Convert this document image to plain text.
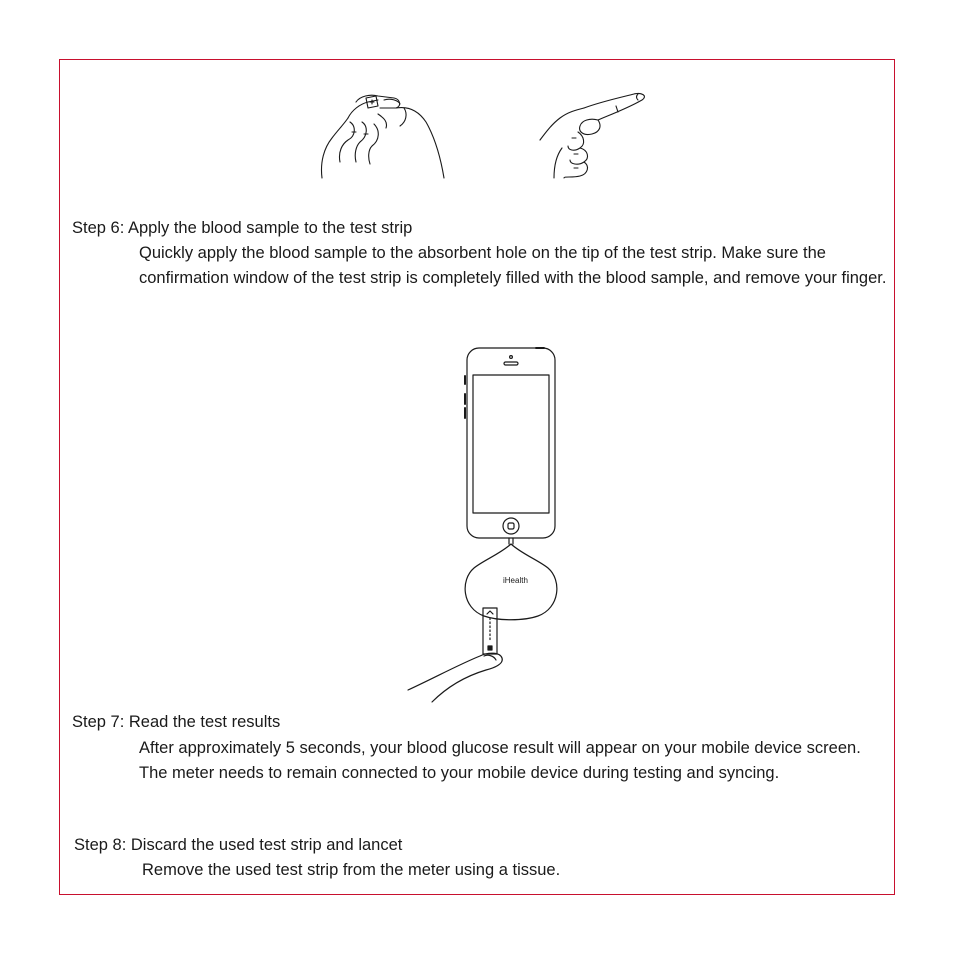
Step 6: Apply the blood sample to the test strip
Quickly apply the blood sample to the absorbent hole on the tip of the test strip. Make sure the confirmation window of the test strip is completely filled with the blood sample, and remove your finger.
iHealth
Step 7: Read the test results
After approximately 5 seconds, your blood glucose result will appear on your mobile device screen. The meter needs to remain connected to your mobile device during testing and syncing.
Step 8: Discard the used test strip and lancet
Remove the used test strip from the meter using a tissue.
